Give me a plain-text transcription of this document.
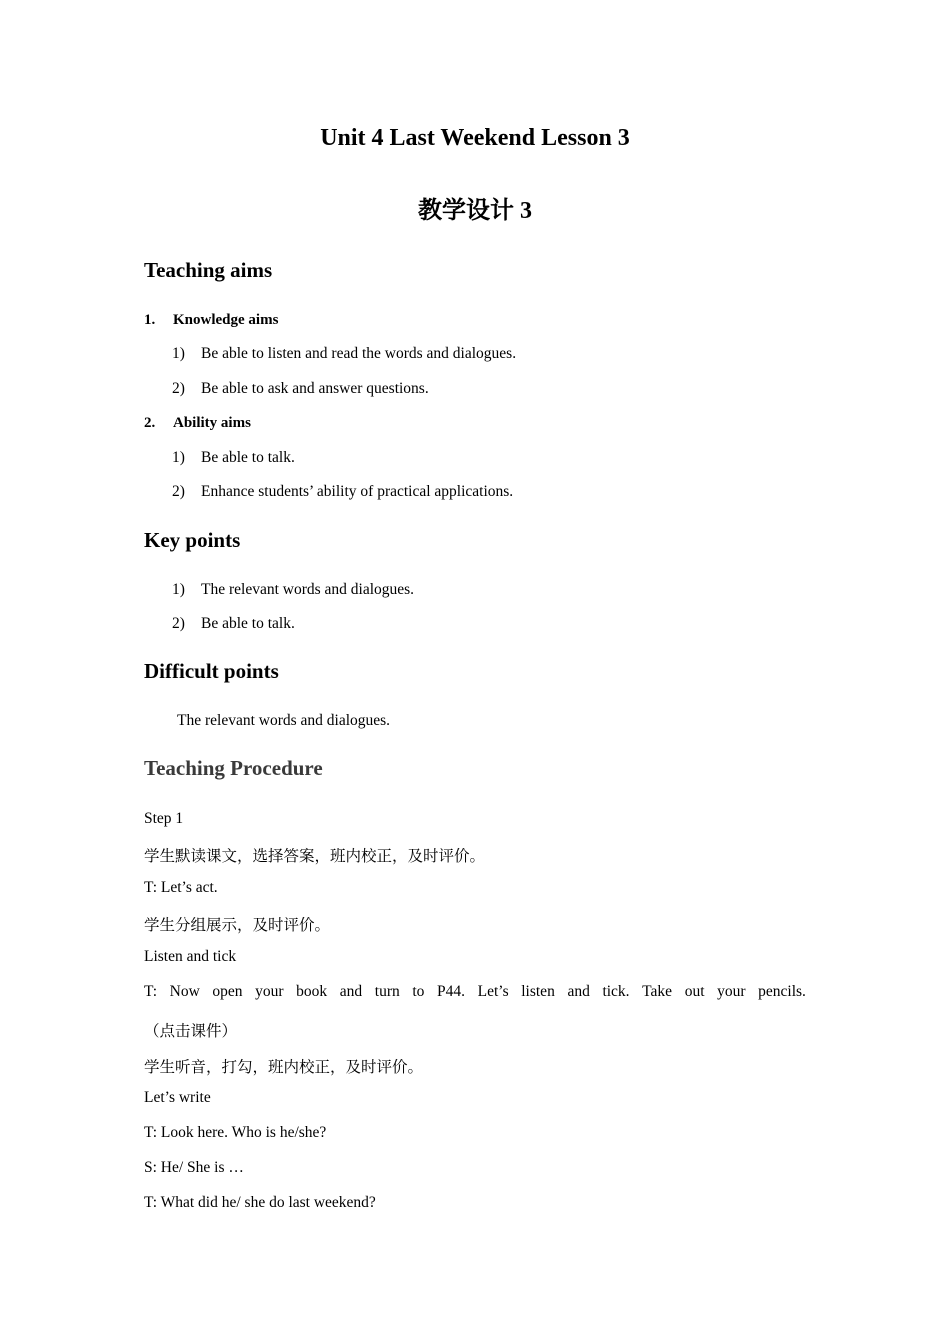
Unit 4 Last Weekend Lesson 3
教学设计 3
Teaching aims
1. Knowledge aims
1) Be able to listen and read the words and dialogues.
2) Be able to ask and answer questions.
2. Ability aims
1) Be able to talk.
2) Enhance students’ ability of practical applications.
Key points
1) The relevant words and dialogues.
2) Be able to talk.
Difficult points
The relevant words and dialogues.
Teaching Procedure
Step 1
学生默读课文，选择答案，班内校正，及时评价。
T: Let’s act.
学生分组展示，及时评价。
Listen and tick
T: Now open your book and turn to P44. Let’s listen and tick. Take out your pencils.
（点击课件）
学生听音，打勾，班内校正，及时评价。
Let’s write
T: Look here. Who is he/she?
S: He/ She is …
T: What did he/ she do last weekend?
